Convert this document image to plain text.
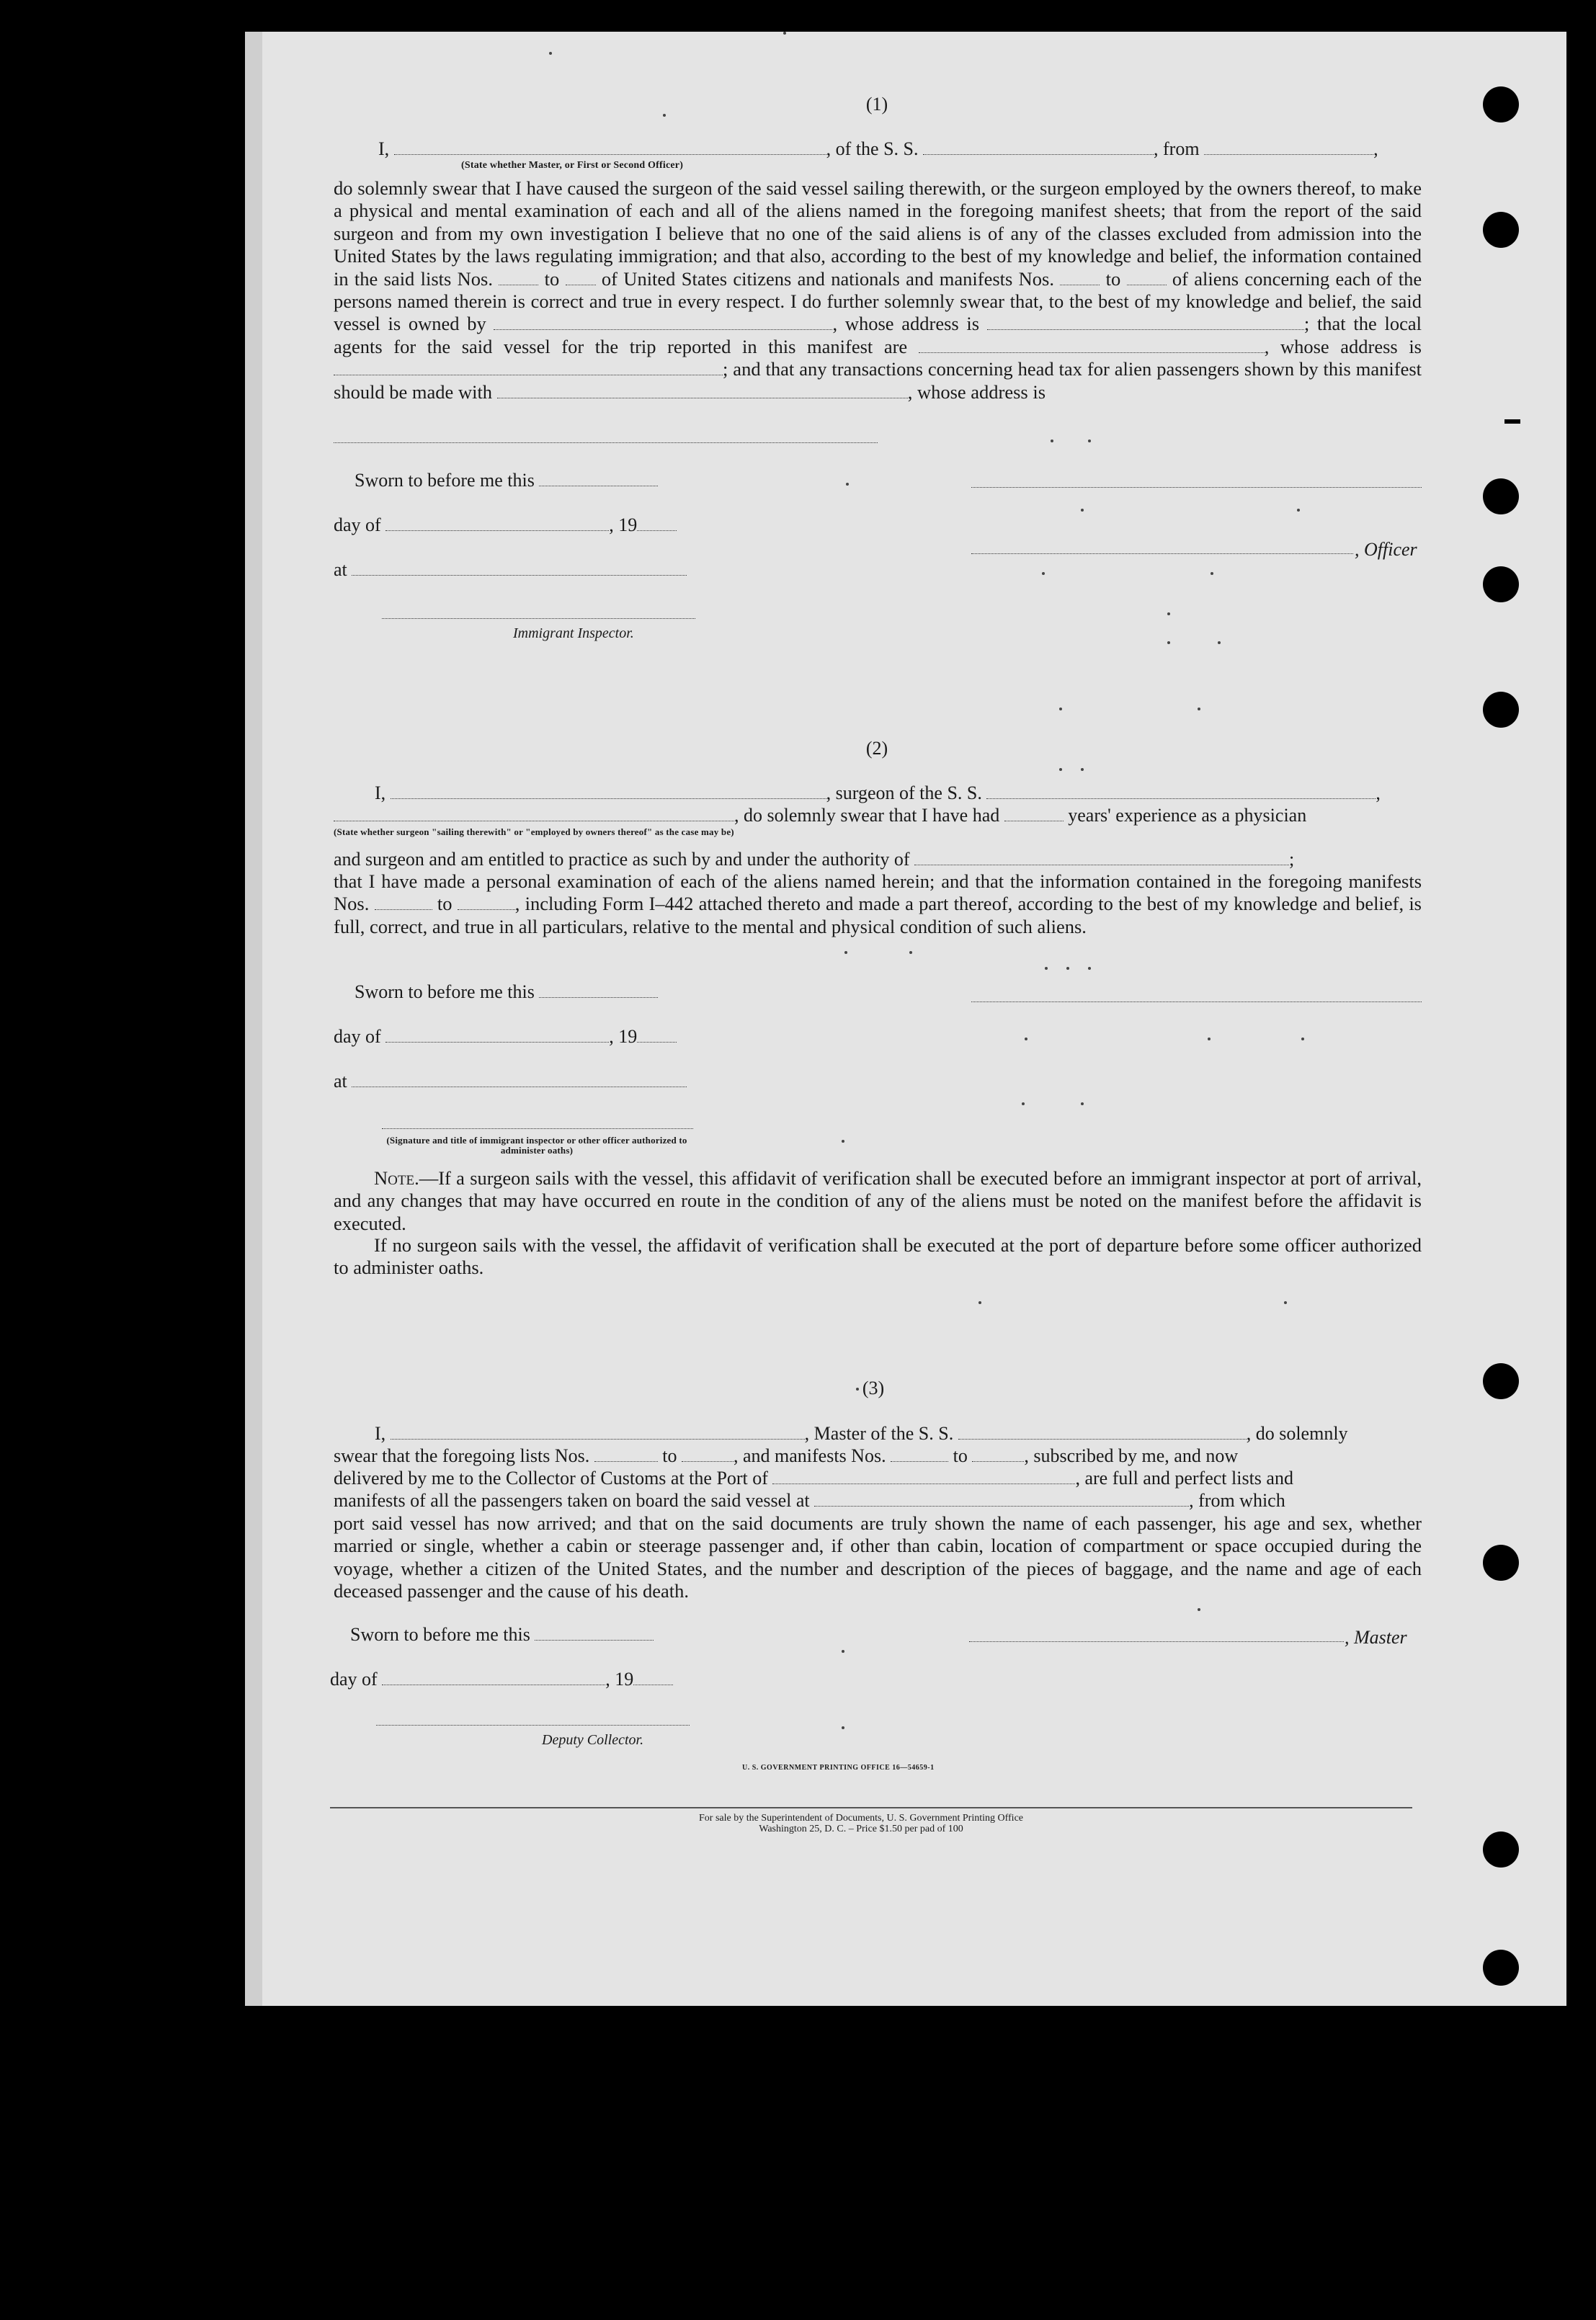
(1)
I,	, of the S. S.	, from	,
(State whether Master, or First or Second Officer)
do solemnly swear that I have caused the surgeon of the said vessel sailing therewith, or the surgeon employed by the owners thereof, to make a physical and mental examination of each and all of the aliens named in the foregoing manifest sheets; that from the report of the said surgeon and from my own investigation I believe that no one of the said aliens is of any of the classes excluded from admission into the United States by the laws regulating immigration; and that also, according to the best of my knowledge and belief, the information contained in the said lists Nos.	to of United States citizens and nationals and manifests Nos.	to	of aliens concerning each of the persons named therein is correct and true in every respect. I do further solemnly swear that, to the best of my knowledge and belief, the said vessel is owned by	, whose address is	; that the local agents for the said vessel for the trip reported in this manifest are	, whose address is ; and that any transactions concerning head tax for alien passengers shown by this manifest should be made with	, whose address is
Sworn to before me this
day of	, 19
, Officer
at
Immigrant Inspector.
(2)
I,	, surgeon of the S. S.	,
, do solemnly swear that I have had	years' experience as a physician
(State whether surgeon "sailing therewith" or "employed by owners thereof" as the case may be)
and surgeon and am entitled to practice as such by and under the authority of	;
that I have made a personal examination of each of the aliens named herein; and that the information contained in the foregoing manifests Nos.	to	, including Form I–442 attached thereto and made a part thereof, according to the best of my knowledge and belief, is full, correct, and true in all particulars, relative to the mental and physical condition of such aliens.
Sworn to before me this
day of	, 19
at
(Signature and title of immigrant inspector or other officer authorized to administer oaths)
Note.—If a surgeon sails with the vessel, this affidavit of verification shall be executed before an immigrant inspector at port of arrival, and any changes that may have occurred en route in the condition of any of the aliens must be noted on the manifest before the affidavit is executed.
If no surgeon sails with the vessel, the affidavit of verification shall be executed at the port of departure before some officer authorized to administer oaths.
(3)
I,	, Master of the S. S.	, do solemnly
swear that the foregoing lists Nos.	to	, and manifests Nos.	to	, subscribed by me, and now
delivered by me to the Collector of Customs at the Port of	, are full and perfect lists and
manifests of all the passengers taken on board the said vessel at	, from which
port said vessel has now arrived; and that on the said documents are truly shown the name of each passenger, his age and sex, whether married or single, whether a cabin or steerage passenger and, if other than cabin, location of compartment or space occupied during the voyage, whether a citizen of the United States, and the number and description of the pieces of baggage, and the name and age of each deceased passenger and the cause of his death.
Sworn to before me this	, Master
day of	, 19
Deputy Collector.
U. S. GOVERNMENT PRINTING OFFICE 16—54659-1
For sale by the Superintendent of Documents, U. S. Government Printing Office
Washington 25, D. C. – Price $1.50 per pad of 100
